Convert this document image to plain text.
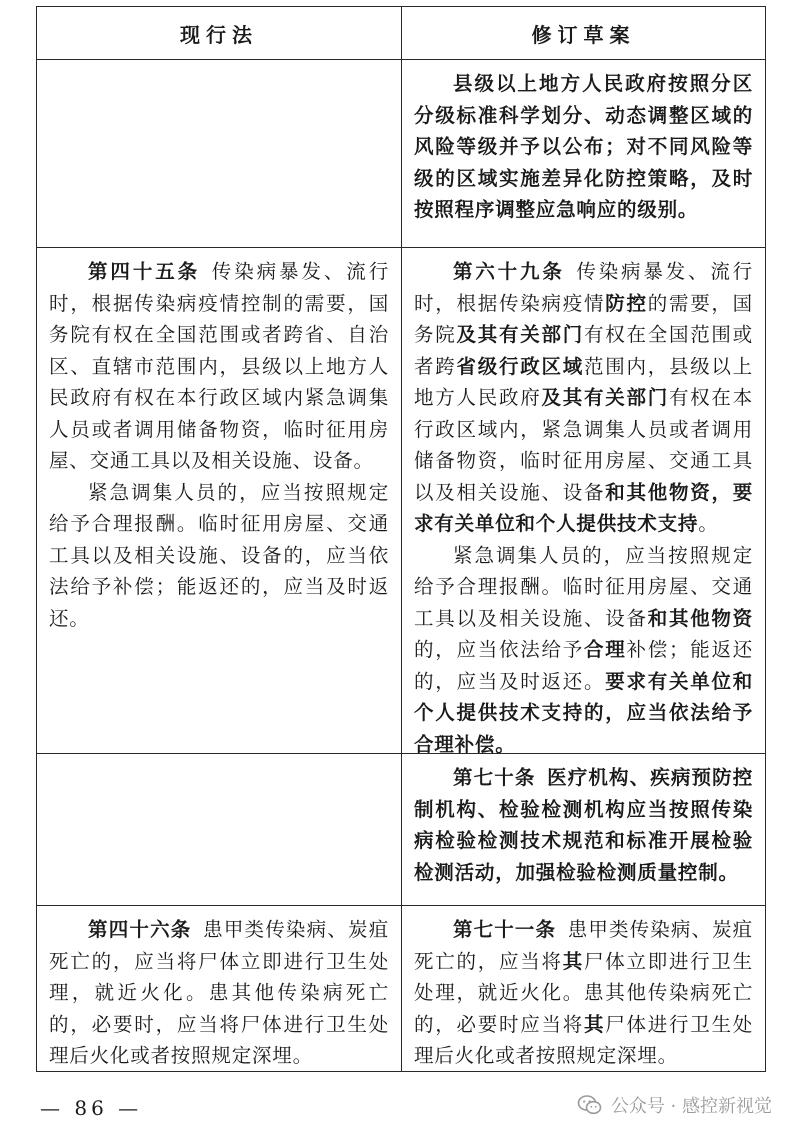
现行法	修订草案

县级以上地方人民政府按照分区分级标准科学划分、动态调整区域的风险等级并予以公布；对不同风险等级的区域实施差异化防控策略，及时按照程序调整应急响应的级别。

第四十五条 传染病暴发、流行时，根据传染病疫情控制的需要，国务院有权在全国范围或者跨省、自治区、直辖市范围内，县级以上地方人民政府有权在本行政区域内紧急调集人员或者调用储备物资，临时征用房屋、交通工具以及相关设施、设备。

紧急调集人员的，应当按照规定给予合理报酬。临时征用房屋、交通工具以及相关设施、设备的，应当依法给予补偿；能返还的，应当及时返还。

第六十九条 传染病暴发、流行时，根据传染病疫情防控的需要，国务院及其有关部门有权在全国范围或者跨省级行政区域范围内，县级以上地方人民政府及其有关部门有权在本行政区域内，紧急调集人员或者调用储备物资，临时征用房屋、交通工具以及相关设施、设备和其他物资，要求有关单位和个人提供技术支持。

紧急调集人员的，应当按照规定给予合理报酬。临时征用房屋、交通工具以及相关设施、设备和其他物资的，应当依法给予合理补偿；能返还的，应当及时返还。要求有关单位和个人提供技术支持的，应当依法给予合理补偿。

第七十条 医疗机构、疾病预防控制机构、检验检测机构应当按照传染病检验检测技术规范和标准开展检验检测活动，加强检验检测质量控制。

第四十六条 患甲类传染病、炭疽死亡的，应当将尸体立即进行卫生处理，就近火化。患其他传染病死亡的，必要时，应当将尸体进行卫生处理后火化或者按照规定深埋。

第七十一条 患甲类传染病、炭疽死亡的，应当将其尸体立即进行卫生处理，就近火化。患其他传染病死亡的，必要时应当将其尸体进行卫生处理后火化或者按照规定深埋。

— 86 —	公众号 · 感控新视觉
